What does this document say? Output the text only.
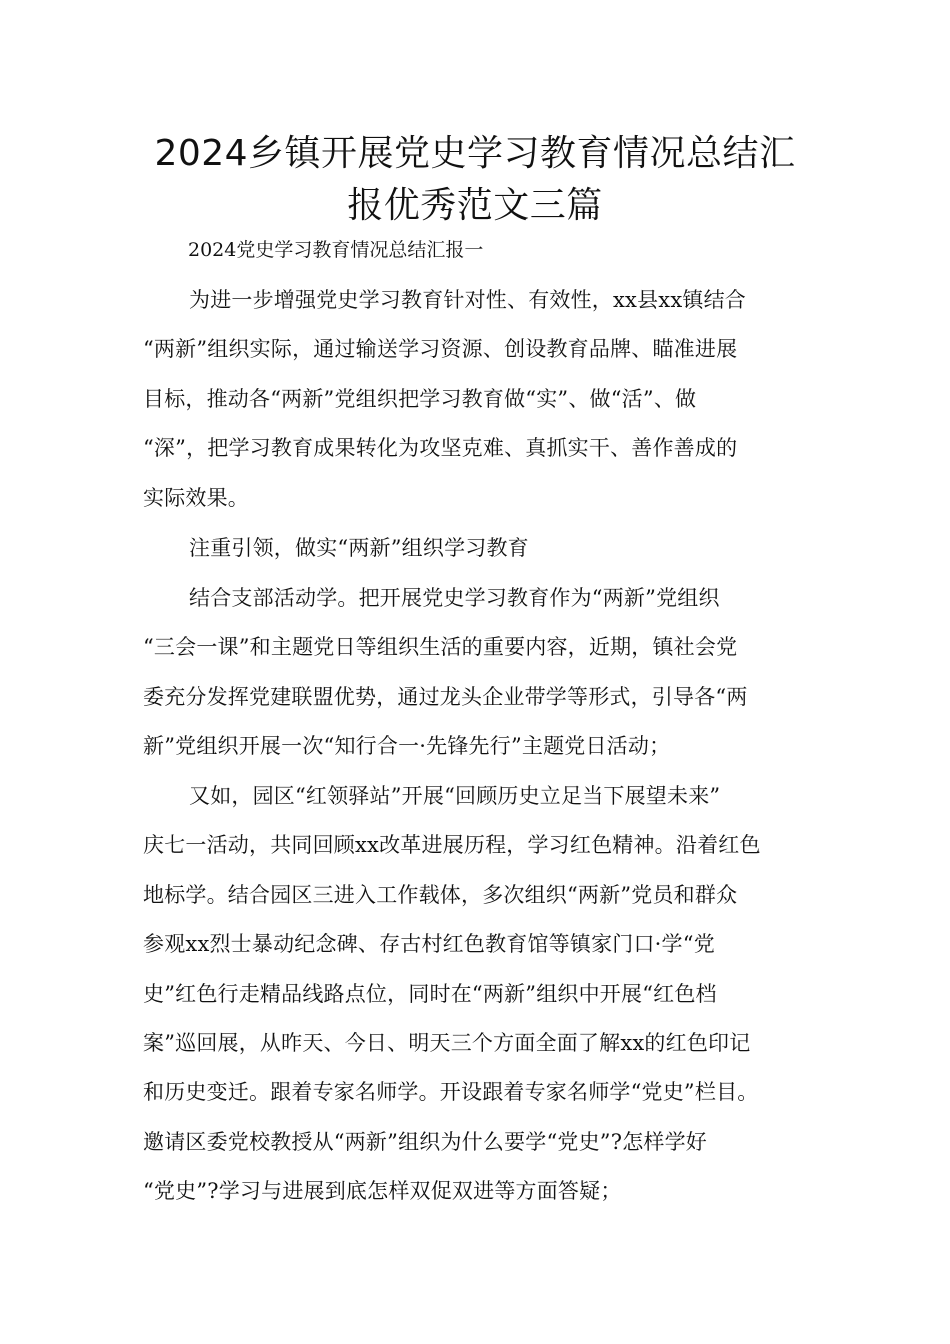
2024乡镇开展党史学习教育情况总结汇
报优秀范文三篇
2024党史学习教育情况总结汇报一
为进一步增强党史学习教育针对性、有效性，xx县xx镇结合
“两新”组织实际，通过输送学习资源、创设教育品牌、瞄准进展
目标，推动各“两新”党组织把学习教育做“实”、做“活”、做
“深”，把学习教育成果转化为攻坚克难、真抓实干、善作善成的
实际效果。
注重引领，做实“两新”组织学习教育
结合支部活动学。把开展党史学习教育作为“两新”党组织
“三会一课”和主题党日等组织生活的重要内容，近期，镇社会党
委充分发挥党建联盟优势，通过龙头企业带学等形式，引导各“两
新”党组织开展一次“知行合一·先锋先行”主题党日活动；
又如，园区“红领驿站”开展“回顾历史立足当下展望未来”
庆七一活动，共同回顾xx改革进展历程，学习红色精神。沿着红色
地标学。结合园区三进入工作载体，多次组织“两新”党员和群众
参观xx烈士暴动纪念碑、存古村红色教育馆等镇家门口·学“党
史”红色行走精品线路点位，同时在“两新”组织中开展“红色档
案”巡回展，从昨天、今日、明天三个方面全面了解xx的红色印记
和历史变迁。跟着专家名师学。开设跟着专家名师学“党史”栏目。
邀请区委党校教授从“两新”组织为什么要学“党史”?怎样学好
“党史”?学习与进展到底怎样双促双进等方面答疑；
